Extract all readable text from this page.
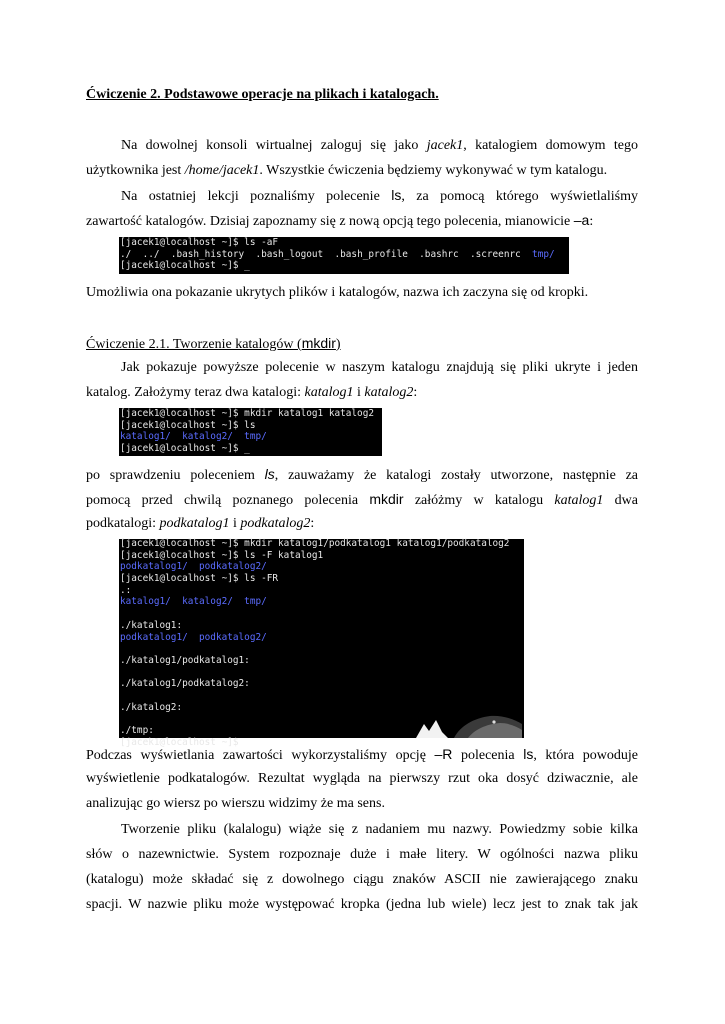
Ćwiczenie 2. Podstawowe operacje na plikach i katalogach.
Na dowolnej konsoli wirtualnej zaloguj się jako jacek1, katalogiem domowym tego
użytkownika jest /home/jacek1. Wszystkie ćwiczenia będziemy wykonywać w tym katalogu.
Na ostatniej lekcji poznaliśmy polecenie ls, za pomocą którego wyświetlaliśmy
zawartość katalogów. Dzisiaj zapoznamy się z nową opcją tego polecenia, mianowicie –a:
[jacek1@localhost ~]$ ls -aF
./  ../  .bash_history  .bash_logout  .bash_profile  .bashrc  .screenrc  tmp/
[jacek1@localhost ~]$ _
Umożliwia ona pokazanie ukrytych plików i katalogów, nazwa ich zaczyna się od kropki.
Ćwiczenie 2.1. Tworzenie katalogów (mkdir)
Jak pokazuje powyższe polecenie w naszym katalogu znajdują się pliki ukryte i jeden
katalog. Założymy teraz dwa katalogi: katalog1 i katalog2:
[jacek1@localhost ~]$ mkdir katalog1 katalog2
[jacek1@localhost ~]$ ls
katalog1/  katalog2/  tmp/
[jacek1@localhost ~]$ _
po sprawdzeniu poleceniem ls, zauważamy że katalogi zostały utworzone, następnie za
pomocą przed chwilą poznanego polecenia mkdir załóżmy w katalogu katalog1 dwa
podkatalogi: podkatalog1 i podkatalog2:
[jacek1@localhost ~]$ mkdir katalog1/podkatalog1 katalog1/podkatalog2
[jacek1@localhost ~]$ ls -F katalog1
podkatalog1/  podkatalog2/
[jacek1@localhost ~]$ ls -FR
.:
katalog1/  katalog2/  tmp/
./katalog1:
podkatalog1/  podkatalog2/
./katalog1/podkatalog1:
./katalog1/podkatalog2:
./katalog2:
./tmp:
[jacek1@localhost ~]$
Podczas wyświetlania zawartości wykorzystaliśmy opcję –R polecenia ls, która powoduje
wyświetlenie podkatalogów. Rezultat wygląda na pierwszy rzut oka dosyć dziwacznie, ale
analizując go wiersz po wierszu widzimy że ma sens.
Tworzenie pliku (kalalogu) wiąże się z nadaniem mu nazwy. Powiedzmy sobie kilka
słów o nazewnictwie. System rozpoznaje duże i małe litery. W ogólności nazwa pliku
(katalogu) może składać się z dowolnego ciągu znaków ASCII nie zawierającego znaku
spacji. W nazwie pliku może występować kropka (jedna lub wiele) lecz jest to znak tak jak
